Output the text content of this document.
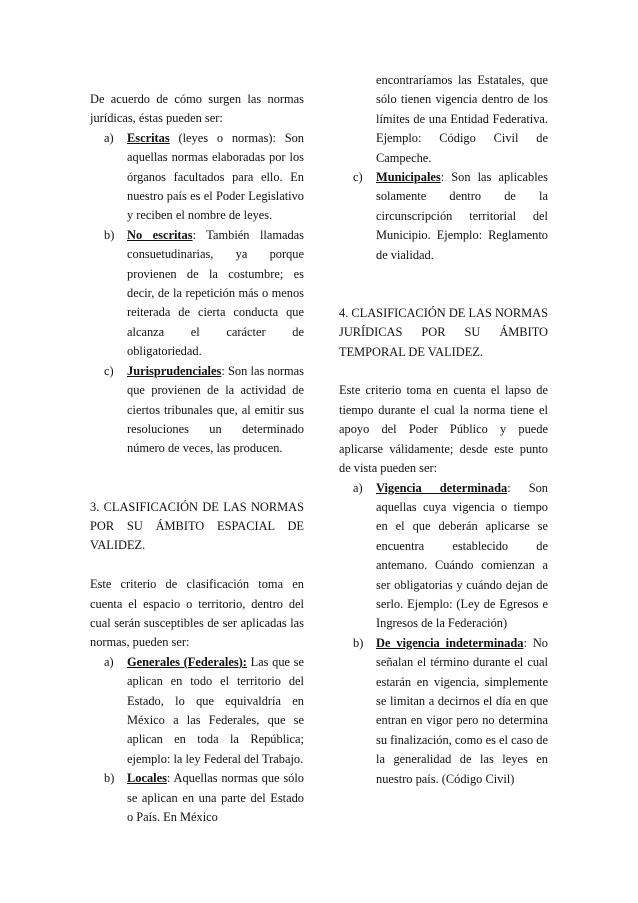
De acuerdo de cómo surgen las normas jurídicas, éstas pueden ser:

a) Escritas (leyes o normas): Son aquellas normas elaboradas por los órganos facultados para ello. En nuestro país es el Poder Legislativo y reciben el nombre de leyes.
b) No escritas: También llamadas consuetudinarias, ya porque provienen de la costumbre; es decir, de la repetición más o menos reiterada de cierta conducta que alcanza el carácter de obligatoriedad.
c) Jurisprudenciales: Son las normas que provienen de la actividad de ciertos tribunales que, al emitir sus resoluciones un determinado número de veces, las producen.
3. CLASIFICACIÓN DE LAS NORMAS POR SU ÁMBITO ESPACIAL DE VALIDEZ.

Este criterio de clasificación toma en cuenta el espacio o territorio, dentro del cual serán susceptibles de ser aplicadas las normas, pueden ser:

a) Generales (Federales): Las que se aplican en todo el territorio del Estado, lo que equivaldría en México a las Federales, que se aplican en toda la República; ejemplo: la ley Federal del Trabajo.
b) Locales: Aquellas normas que sólo se aplican en una parte del Estado o País. En México

encontraríamos las Estatales, que sólo tienen vigencia dentro de los límites de una Entidad Federativa. Ejemplo: Código Civil de Campeche.

c) Municipales: Son las aplicables solamente dentro de la circunscripción territorial del Municipio. Ejemplo: Reglamento de vialidad.
4. CLASIFICACIÓN DE LAS NORMAS JURÍDICAS POR SU ÁMBITO TEMPORAL DE VALIDEZ.

Este criterio toma en cuenta el lapso de tiempo durante el cual la norma tiene el apoyo del Poder Público y puede aplicarse válidamente; desde este punto de vista pueden ser:

a) Vigencia determinada: Son aquellas cuya vigencia o tiempo en el que deberán aplicarse se encuentra establecido de antemano. Cuándo comienzan a ser obligatorias y cuándo dejan de serlo. Ejemplo: (Ley de Egresos e Ingresos de la Federación)
b) De vigencia indeterminada: No señalan el término durante el cual estarán en vigencia, simplemente se limitan a decirnos el día en que entran en vigor pero no determina su finalización, como es el caso de la generalidad de las leyes en nuestro país. (Código Civil)
